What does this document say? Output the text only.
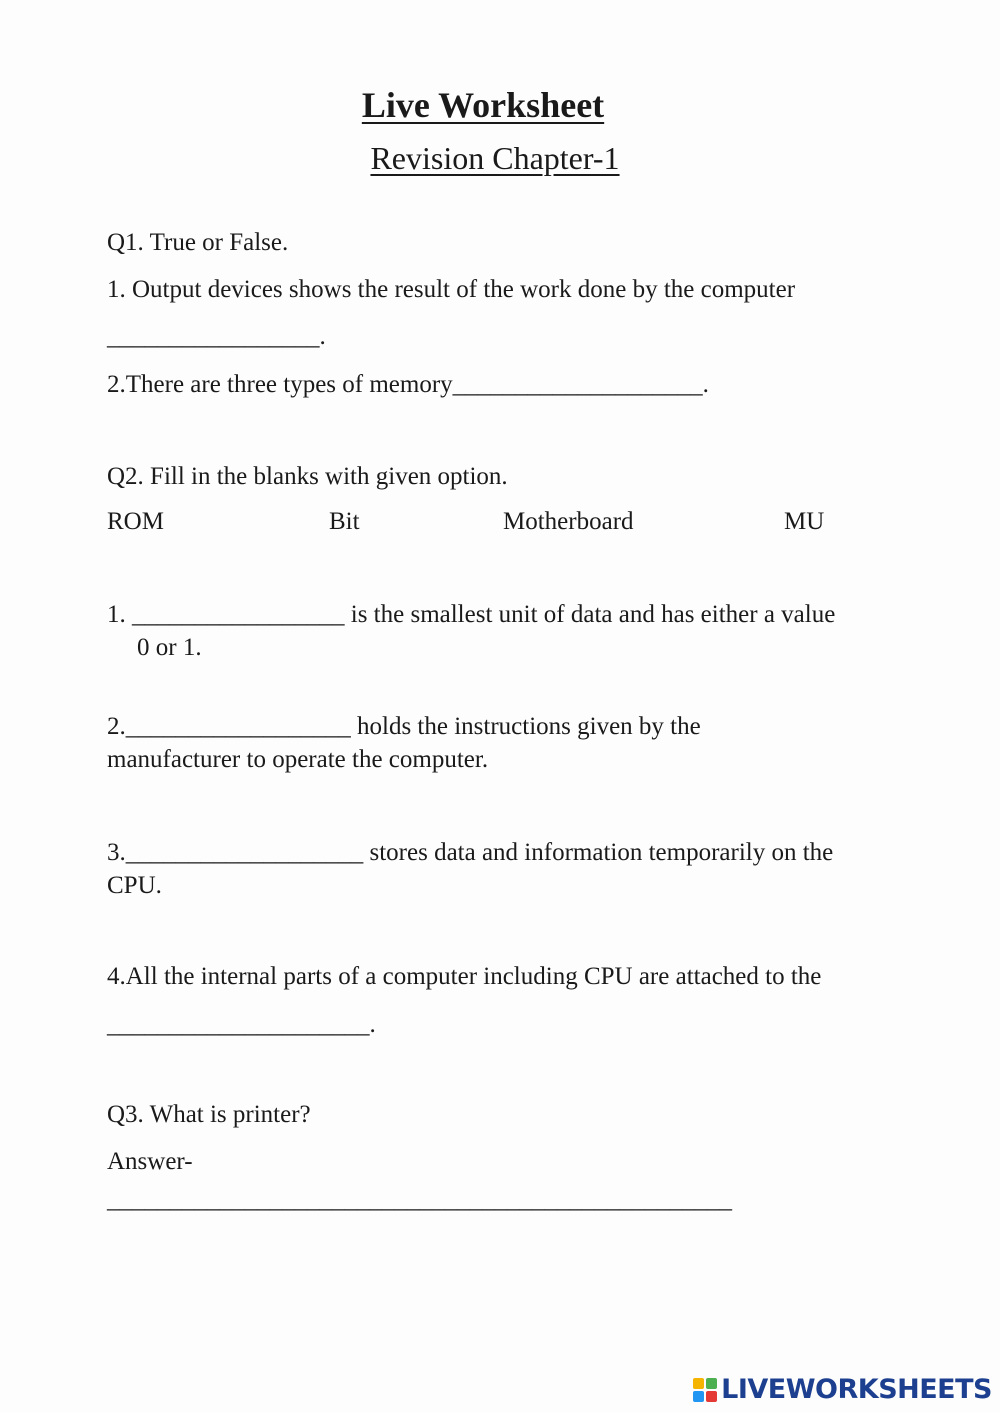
Live Worksheet
Revision Chapter-1
Q1. True or False.
1. Output devices shows the result of the work done by the computer
_________________.
2.There are three types of memory____________________.
Q2. Fill in the blanks with given option.
ROM	Bit	Motherboard	MU
1. _________________ is the smallest unit of data and has either a value
0 or 1.
2.__________________ holds the instructions given by the
manufacturer to operate the computer.
3.___________________ stores data and information temporarily on the
CPU.
4.All the internal parts of a computer including CPU are attached to the
_____________________.
Q3. What is printer?
Answer-
__________________________________________________
LIVEWORKSHEETS
